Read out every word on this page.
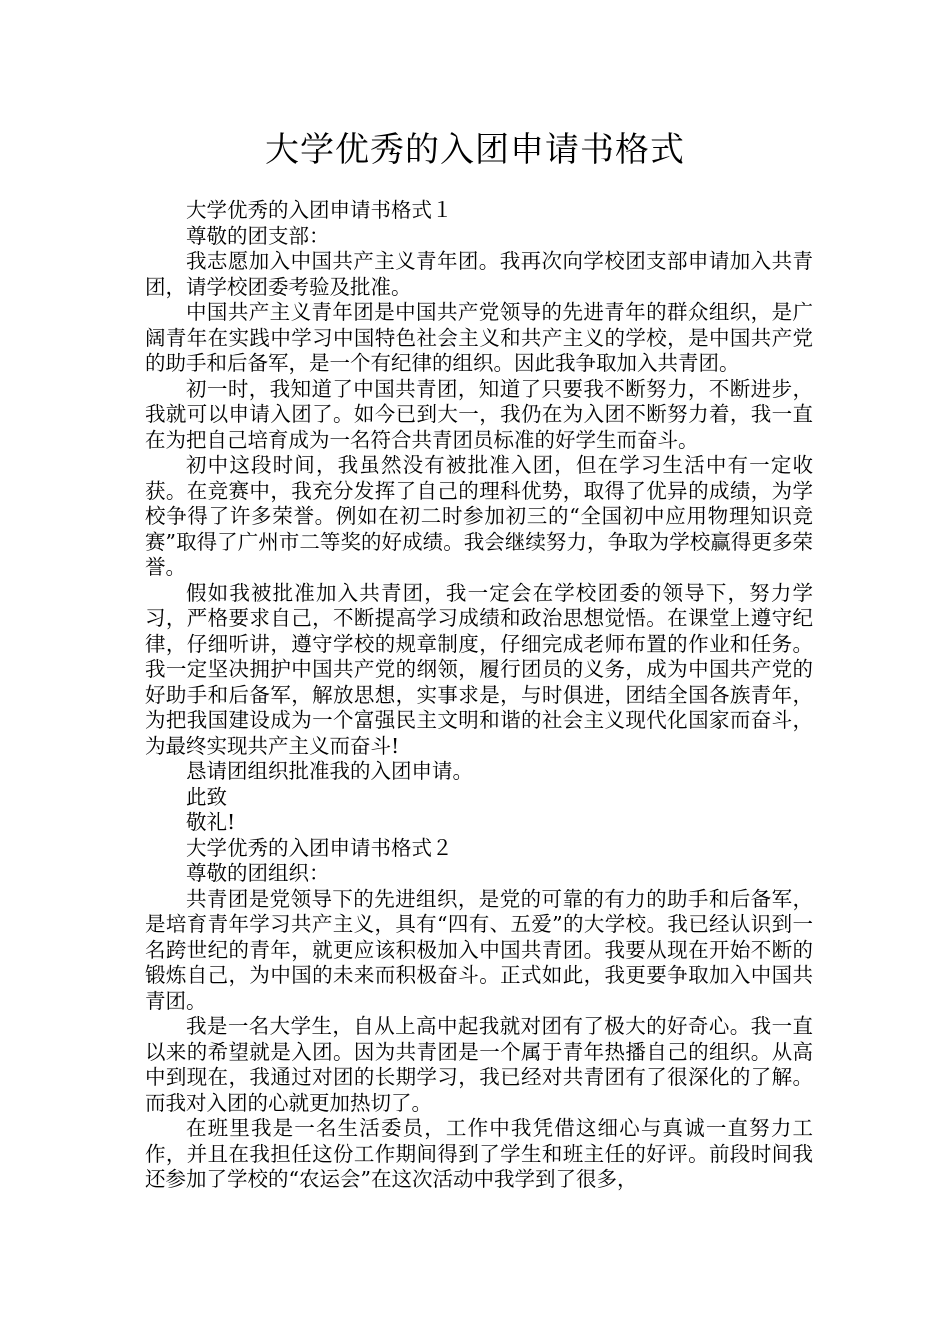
大学优秀的入团申请书格式

大学优秀的入团申请书格式１

尊敬的团支部：

我志愿加入中国共产主义青年团。我再次向学校团支部申请加入共青团，请学校团委考验及批准。

中国共产主义青年团是中国共产党领导的先进青年的群众组织，是广阔青年在实践中学习中国特色社会主义和共产主义的学校，是中国共产党的助手和后备军，是一个有纪律的组织。因此我争取加入共青团。

初一时，我知道了中国共青团，知道了只要我不断努力，不断进步，我就可以申请入团了。如今已到大一，我仍在为入团不断努力着，我一直在为把自己培育成为一名符合共青团员标准的好学生而奋斗。

初中这段时间，我虽然没有被批准入团，但在学习生活中有一定收获。在竞赛中，我充分发挥了自己的理科优势，取得了优异的成绩，为学校争得了许多荣誉。例如在初二时参加初三的“全国初中应用物理知识竞赛”取得了广州市二等奖的好成绩。我会继续努力，争取为学校赢得更多荣誉。

假如我被批准加入共青团，我一定会在学校团委的领导下，努力学习，严格要求自己，不断提高学习成绩和政治思想觉悟。在课堂上遵守纪律，仔细听讲，遵守学校的规章制度，仔细完成老师布置的作业和任务。我一定坚决拥护中国共产党的纲领，履行团员的义务，成为中国共产党的好助手和后备军，解放思想，实事求是，与时俱进，团结全国各族青年，为把我国建设成为一个富强民主文明和谐的社会主义现代化国家而奋斗，为最终实现共产主义而奋斗!

恳请团组织批准我的入团申请。

此致

敬礼!

大学优秀的入团申请书格式２

尊敬的团组织：

共青团是党领导下的先进组织，是党的可靠的有力的助手和后备军，是培育青年学习共产主义，具有“四有、五爱”的大学校。我已经认识到一名跨世纪的青年，就更应该积极加入中国共青团。我要从现在开始不断的锻炼自己，为中国的未来而积极奋斗。正式如此，我更要争取加入中国共青团。

我是一名大学生，自从上高中起我就对团有了极大的好奇心。我一直以来的希望就是入团。因为共青团是一个属于青年热播自己的组织。从高中到现在，我通过对团的长期学习，我已经对共青团有了很深化的了解。而我对入团的心就更加热切了。

在班里我是一名生活委员，工作中我凭借这细心与真诚一直努力工作，并且在我担任这份工作期间得到了学生和班主任的好评。前段时间我还参加了学校的“农运会”在这次活动中我学到了很多，
